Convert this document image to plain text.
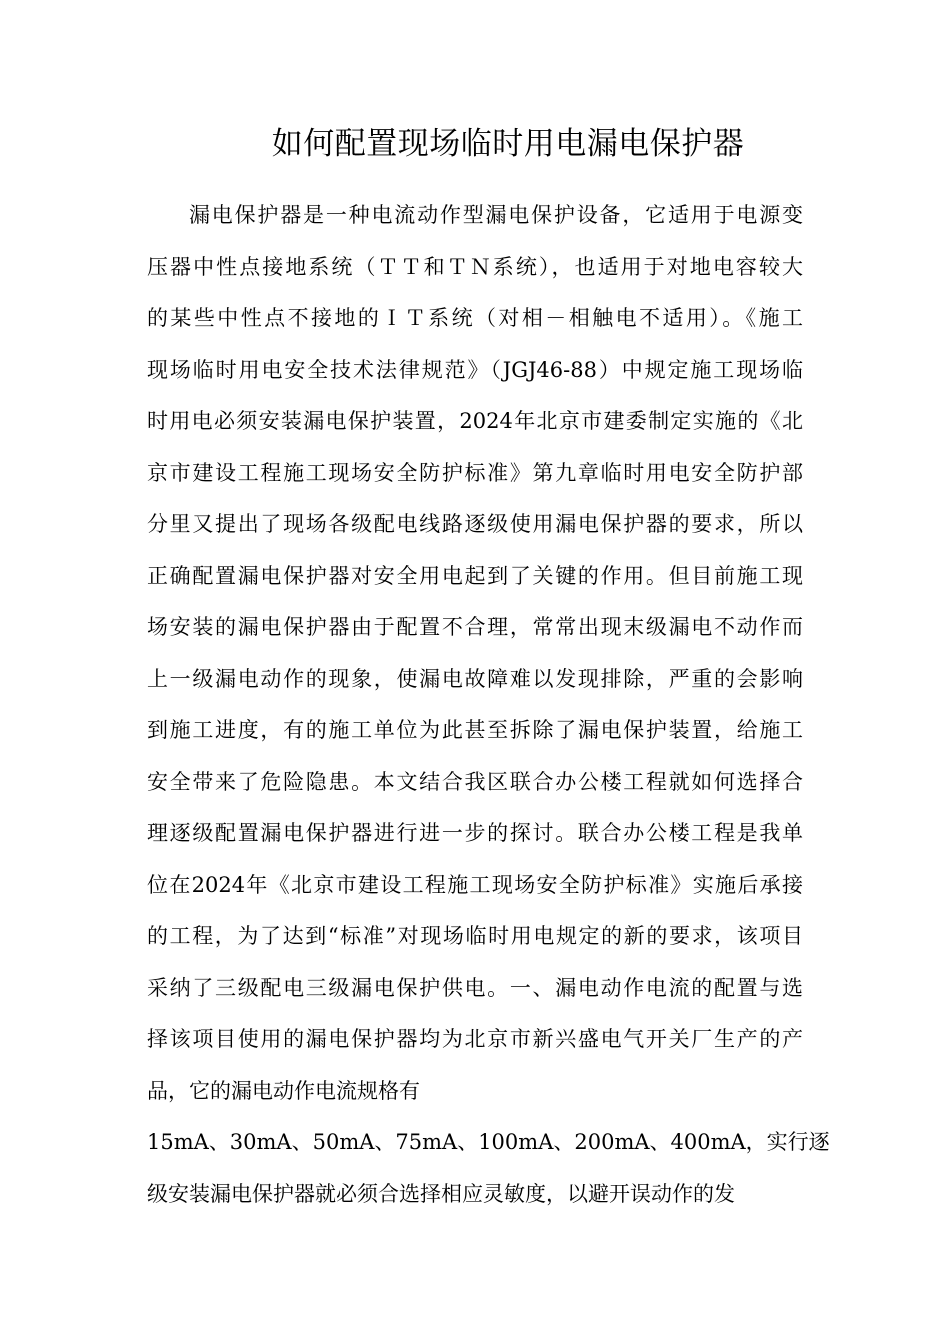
如何配置现场临时用电漏电保护器
漏电保护器是一种电流动作型漏电保护设备，它适用于电源变
压器中性点接地系统（ＴＴ和ＴＮ系统），也适用于对地电容较大
的某些中性点不接地的ＩＴ系统（对相－相触电不适用）。《施工
现场临时用电安全技术法律规范》（JGJ46-88）中规定施工现场临
时用电必须安装漏电保护装置，2024年北京市建委制定实施的《北
京市建设工程施工现场安全防护标准》第九章临时用电安全防护部
分里又提出了现场各级配电线路逐级使用漏电保护器的要求，所以
正确配置漏电保护器对安全用电起到了关键的作用。但目前施工现
场安装的漏电保护器由于配置不合理，常常出现末级漏电不动作而
上一级漏电动作的现象，使漏电故障难以发现排除，严重的会影响
到施工进度，有的施工单位为此甚至拆除了漏电保护装置，给施工
安全带来了危险隐患。本文结合我区联合办公楼工程就如何选择合
理逐级配置漏电保护器进行进一步的探讨。联合办公楼工程是我单
位在2024年《北京市建设工程施工现场安全防护标准》实施后承接
的工程，为了达到“标准”对现场临时用电规定的新的要求，该项目
采纳了三级配电三级漏电保护供电。一、漏电动作电流的配置与选
择该项目使用的漏电保护器均为北京市新兴盛电气开关厂生产的产
品，它的漏电动作电流规格有
15mA、30mA、50mA、75mA、100mA、200mA、400mA，实行逐
级安装漏电保护器就必须合选择相应灵敏度，以避开误动作的发
